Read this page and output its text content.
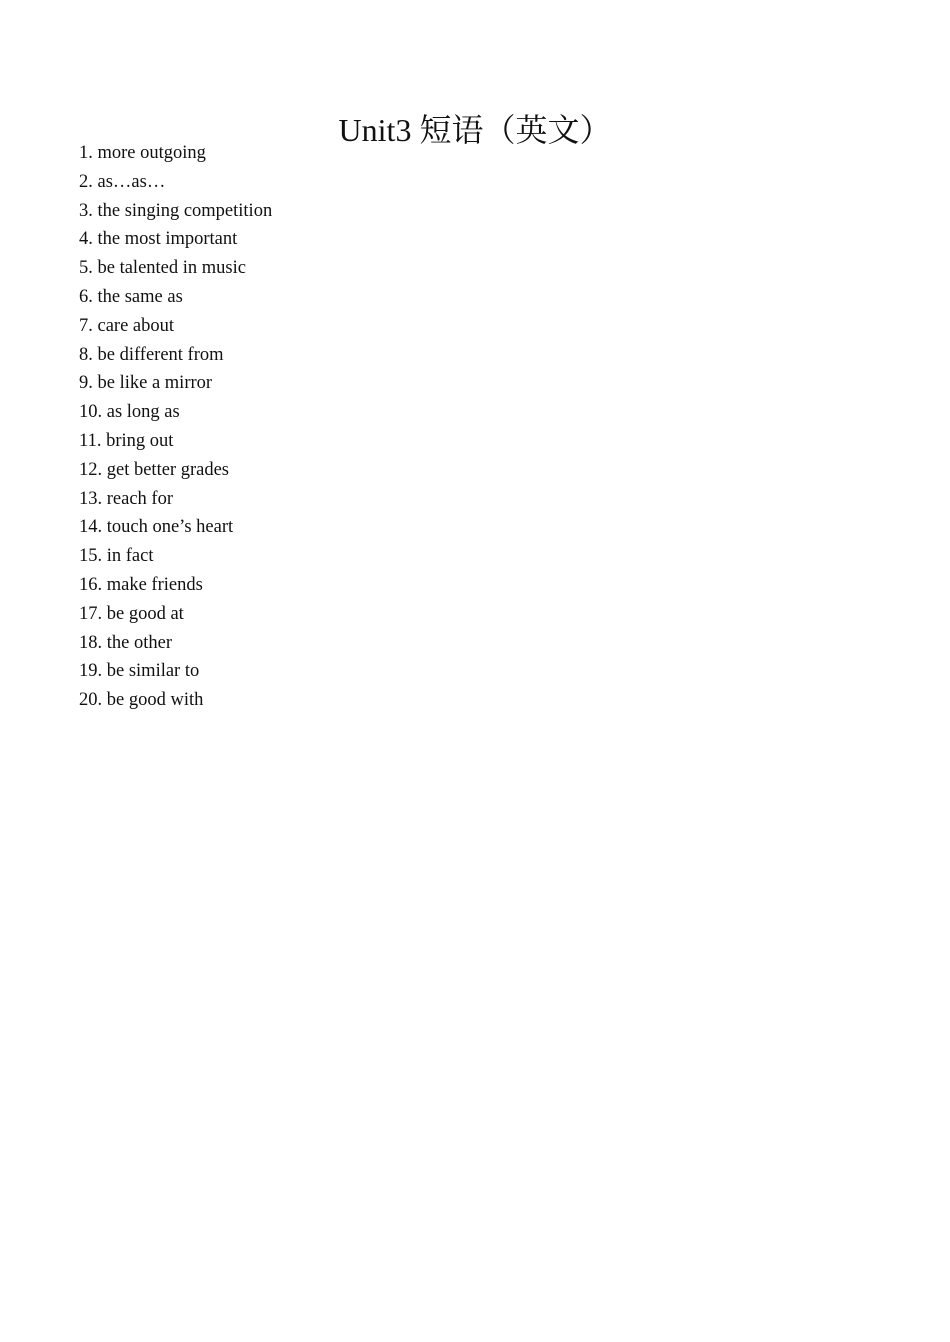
Unit3 短语（英文）
1. more outgoing
2. as…as…
3. the singing competition
4. the most important
5. be talented in music
6. the same as
7. care about
8. be different from
9. be like a mirror
10. as long as
11. bring out
12. get better grades
13. reach for
14. touch one’s heart
15. in fact
16. make friends
17. be good at
18. the other
19. be similar to
20. be good with
